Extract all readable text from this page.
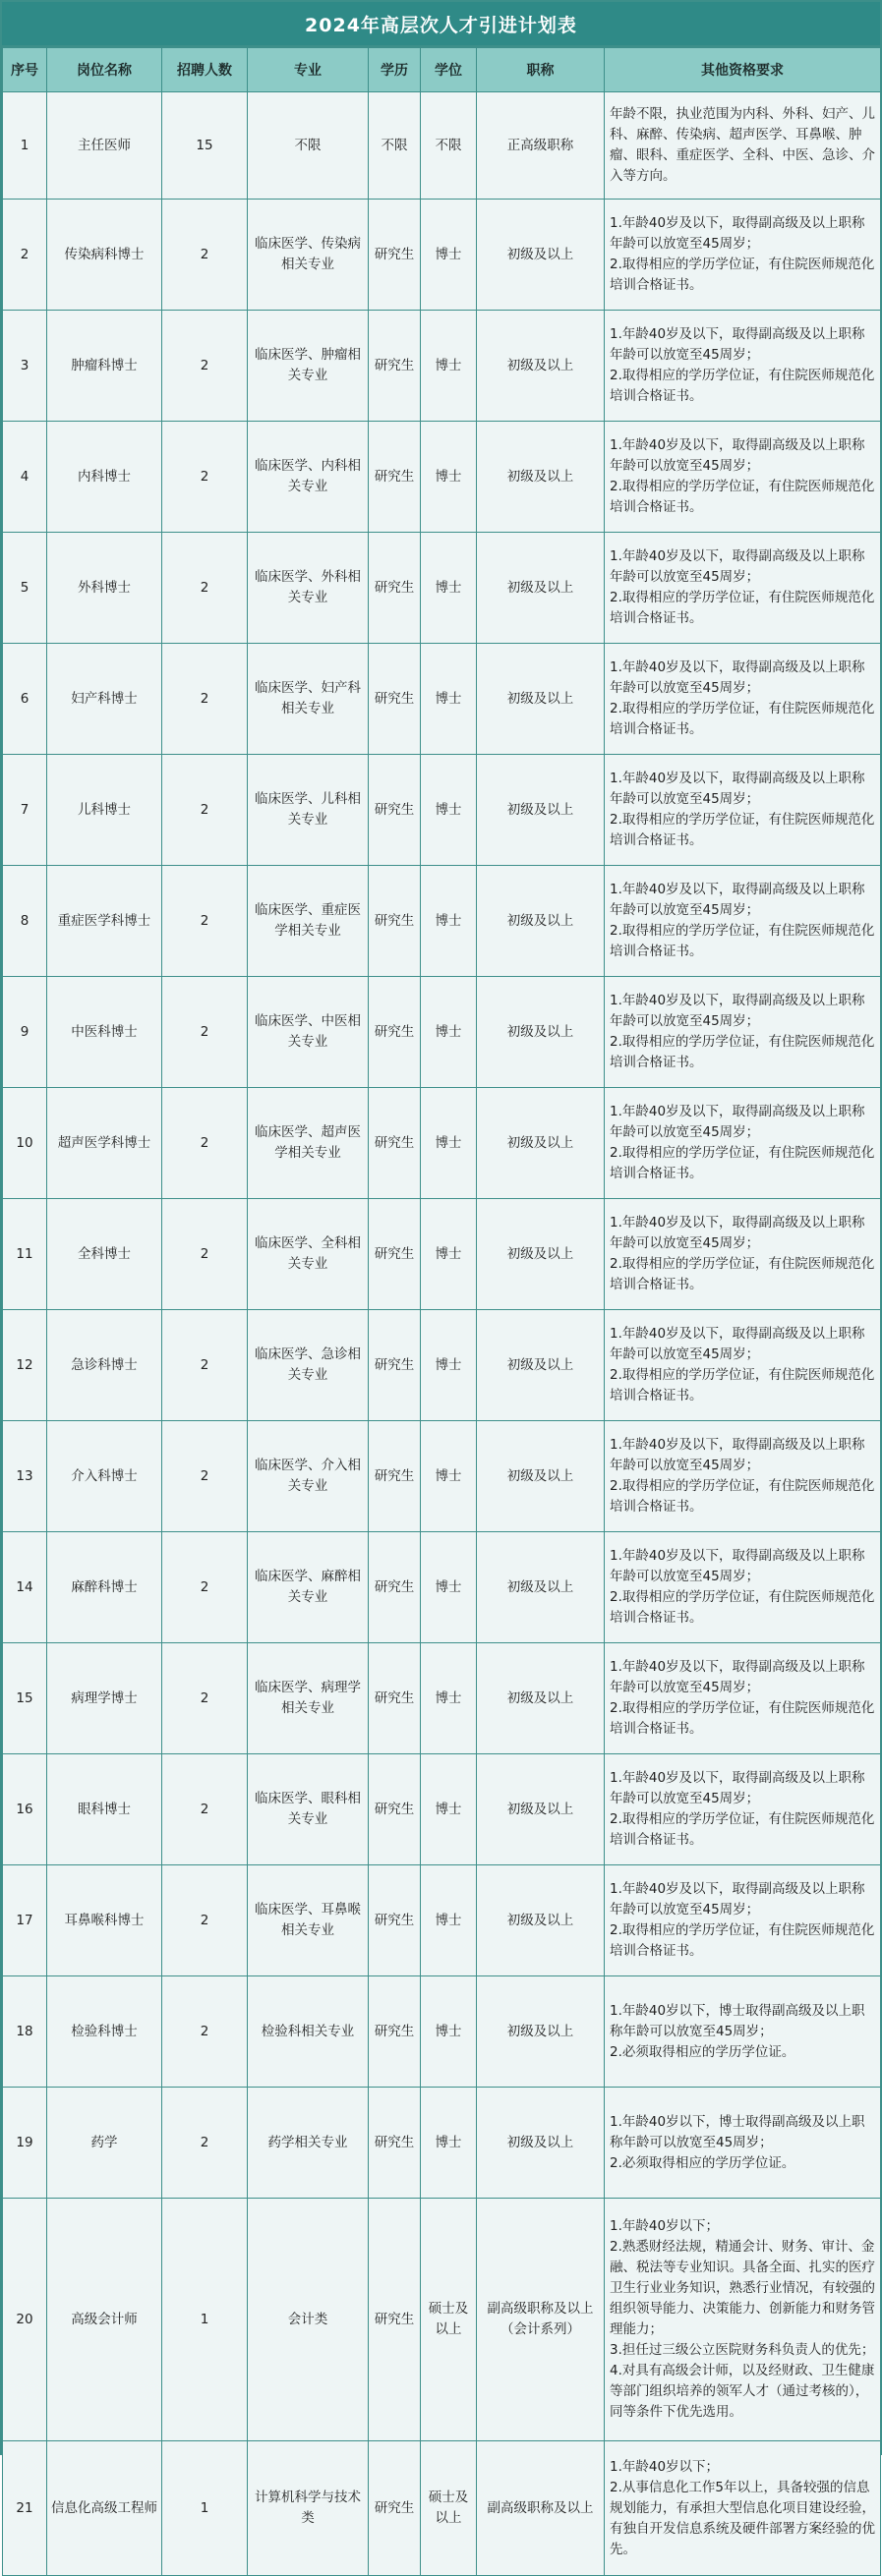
2024年高层次人才引进计划表
序号	岗位名称	招聘人数	专业	学历	学位	职称	其他资格要求
1	主任医师	15	不限	不限	不限	正高级职称	年龄不限，执业范围为内科、外科、妇产、儿科、麻醉、传染病、超声医学、耳鼻喉、肿瘤、眼科、重症医学、全科、中医、急诊、介入等方向。
2	传染病科博士	2	临床医学、传染病相关专业	研究生	博士	初级及以上	1.年龄40岁及以下，取得副高级及以上职称年龄可以放宽至45周岁；
2.取得相应的学历学位证，有住院医师规范化培训合格证书。
3	肿瘤科博士	2	临床医学、肿瘤相关专业	研究生	博士	初级及以上	1.年龄40岁及以下，取得副高级及以上职称年龄可以放宽至45周岁；
2.取得相应的学历学位证，有住院医师规范化培训合格证书。
4	内科博士	2	临床医学、内科相关专业	研究生	博士	初级及以上	1.年龄40岁及以下，取得副高级及以上职称年龄可以放宽至45周岁；
2.取得相应的学历学位证，有住院医师规范化培训合格证书。
5	外科博士	2	临床医学、外科相关专业	研究生	博士	初级及以上	1.年龄40岁及以下，取得副高级及以上职称年龄可以放宽至45周岁；
2.取得相应的学历学位证，有住院医师规范化培训合格证书。
6	妇产科博士	2	临床医学、妇产科相关专业	研究生	博士	初级及以上	1.年龄40岁及以下，取得副高级及以上职称年龄可以放宽至45周岁；
2.取得相应的学历学位证，有住院医师规范化培训合格证书。
7	儿科博士	2	临床医学、儿科相关专业	研究生	博士	初级及以上	1.年龄40岁及以下，取得副高级及以上职称年龄可以放宽至45周岁；
2.取得相应的学历学位证，有住院医师规范化培训合格证书。
8	重症医学科博士	2	临床医学、重症医学相关专业	研究生	博士	初级及以上	1.年龄40岁及以下，取得副高级及以上职称年龄可以放宽至45周岁；
2.取得相应的学历学位证，有住院医师规范化培训合格证书。
9	中医科博士	2	临床医学、中医相关专业	研究生	博士	初级及以上	1.年龄40岁及以下，取得副高级及以上职称年龄可以放宽至45周岁；
2.取得相应的学历学位证，有住院医师规范化培训合格证书。
10	超声医学科博士	2	临床医学、超声医学相关专业	研究生	博士	初级及以上	1.年龄40岁及以下，取得副高级及以上职称年龄可以放宽至45周岁；
2.取得相应的学历学位证，有住院医师规范化培训合格证书。
11	全科博士	2	临床医学、全科相关专业	研究生	博士	初级及以上	1.年龄40岁及以下，取得副高级及以上职称年龄可以放宽至45周岁；
2.取得相应的学历学位证，有住院医师规范化培训合格证书。
12	急诊科博士	2	临床医学、急诊相关专业	研究生	博士	初级及以上	1.年龄40岁及以下，取得副高级及以上职称年龄可以放宽至45周岁；
2.取得相应的学历学位证，有住院医师规范化培训合格证书。
13	介入科博士	2	临床医学、介入相关专业	研究生	博士	初级及以上	1.年龄40岁及以下，取得副高级及以上职称年龄可以放宽至45周岁；
2.取得相应的学历学位证，有住院医师规范化培训合格证书。
14	麻醉科博士	2	临床医学、麻醉相关专业	研究生	博士	初级及以上	1.年龄40岁及以下，取得副高级及以上职称年龄可以放宽至45周岁；
2.取得相应的学历学位证，有住院医师规范化培训合格证书。
15	病理学博士	2	临床医学、病理学相关专业	研究生	博士	初级及以上	1.年龄40岁及以下，取得副高级及以上职称年龄可以放宽至45周岁；
2.取得相应的学历学位证，有住院医师规范化培训合格证书。
16	眼科博士	2	临床医学、眼科相关专业	研究生	博士	初级及以上	1.年龄40岁及以下，取得副高级及以上职称年龄可以放宽至45周岁；
2.取得相应的学历学位证，有住院医师规范化培训合格证书。
17	耳鼻喉科博士	2	临床医学、耳鼻喉相关专业	研究生	博士	初级及以上	1.年龄40岁及以下，取得副高级及以上职称年龄可以放宽至45周岁；
2.取得相应的学历学位证，有住院医师规范化培训合格证书。
18	检验科博士	2	检验科相关专业	研究生	博士	初级及以上	1.年龄40岁以下，博士取得副高级及以上职称年龄可以放宽至45周岁；
2.必须取得相应的学历学位证。
19	药学	2	药学相关专业	研究生	博士	初级及以上	1.年龄40岁以下，博士取得副高级及以上职称年龄可以放宽至45周岁；
2.必须取得相应的学历学位证。
20	高级会计师	1	会计类	研究生	硕士及以上	副高级职称及以上（会计系列）	1.年龄40岁以下；
2.熟悉财经法规，精通会计、财务、审计、金融、税法等专业知识。具备全面、扎实的医疗卫生行业业务知识，熟悉行业情况，有较强的组织领导能力、决策能力、创新能力和财务管理能力；
3.担任过三级公立医院财务科负责人的优先；
4.对具有高级会计师，以及经财政、卫生健康等部门组织培养的领军人才（通过考核的），同等条件下优先选用。
21	信息化高级工程师	1	计算机科学与技术类	研究生	硕士及以上	副高级职称及以上	1.年龄40岁以下；
2.从事信息化工作5年以上，具备较强的信息规划能力，有承担大型信息化项目建设经验，有独自开发信息系统及硬件部署方案经验的优先。
